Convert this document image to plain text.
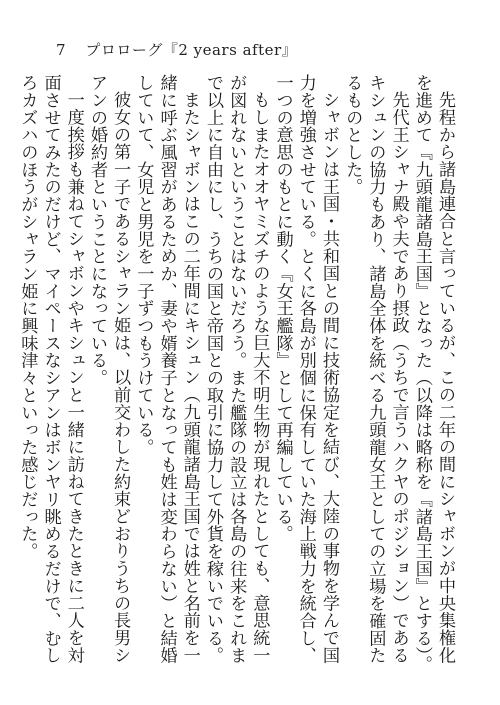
7 プロローグ『2 years after』

先程から諸島連合と言っているが、この二年の間にシャボンが中央集権化を進めて『九頭龍諸島王国』となった（以降は略称を『諸島王国』とする）。

先代王シャナ殿や夫であり摂政（うちで言うハクヤのポジション）であるキシュンの協力もあり、諸島全体を統べる九頭龍女王としての立場を確固たるものとした。

シャボンは王国・共和国との間に技術協定を結び、大陸の事物を学んで国力を増強させている。とくに各島が別個に保有していた海上戦力を統合し、一つの意思のもとに動く『女王艦隊』として再編している。

もしまたオオヤミズチのような巨大不明生物が現れたとしても、意思統一が図れないということはないだろう。また艦隊の設立は各島の往来をこれまで以上に自由にし、うちの国と帝国との取引に協力して外貨を稼いでいる。

またシャボンはこの二年間にキシュン（九頭龍諸島王国では姓と名前を一緒に呼ぶ風習があるためか、妻や婿養子となっても姓は変わらない）と結婚していて、女児と男児を一子ずつもうけている。

彼女の第一子であるシャラン姫は、以前交わした約束どおりうちの長男シアンの婚約者ということになっている。

一度挨拶も兼ねてシャボンやキシュンと一緒に訪ねてきたときに二人を対面させてみたのだけど、マイペースなシアンはボンヤリ眺めるだけで、むしろカズハのほうがシャラン姫に興味津々といった感じだった。
